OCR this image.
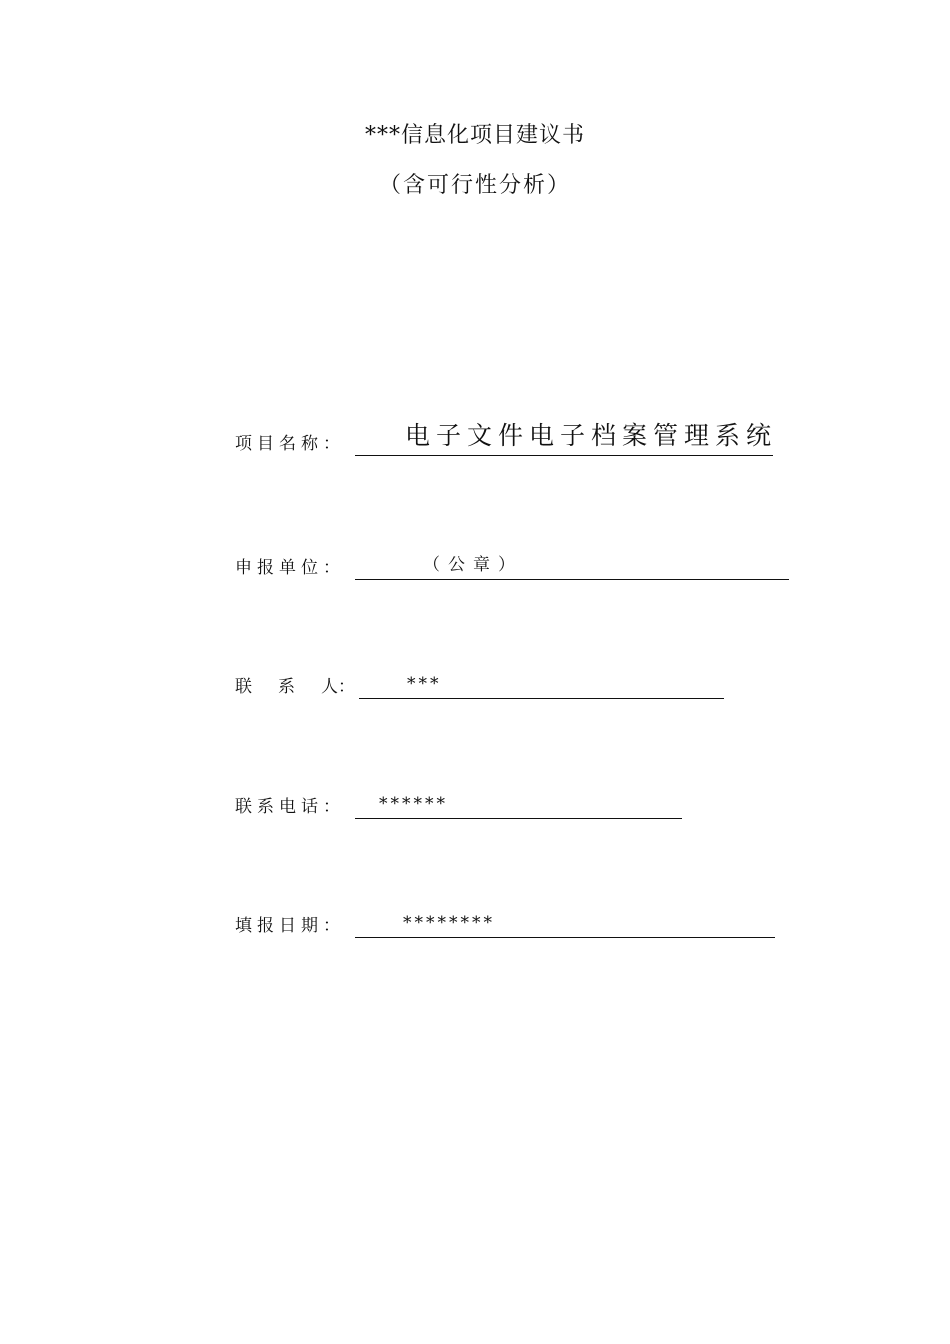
***信息化项目建议书
（含可行性分析）
项目名称： 电子文件电子档案管理系统
申报单位：	（公章）
联 系 人：	***
联系电话： ******
填报日期：	********
